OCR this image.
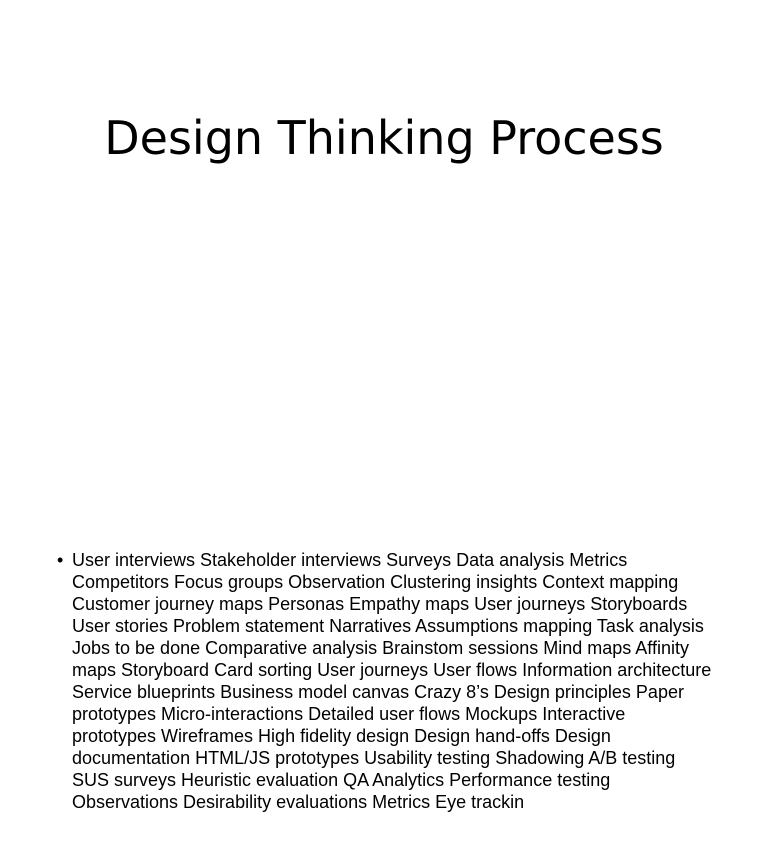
Design Thinking Process
• User interviews Stakeholder interviews Surveys Data analysis Metrics Competitors Focus groups Observation Clustering insights Context mapping Customer journey maps Personas Empathy maps User journeys Storyboards User stories Problem statement Narratives Assumptions mapping Task analysis Jobs to be done Comparative analysis Brainstom sessions Mind maps Affinity maps Storyboard Card sorting User journeys User flows Information architecture Service blueprints Business model canvas Crazy 8’s Design principles Paper prototypes Micro-interactions Detailed user flows Mockups Interactive prototypes Wireframes High fidelity design Design hand-offs Design documentation HTML/JS prototypes Usability testing Shadowing A/B testing SUS surveys Heuristic evaluation QA Analytics Performance testing Observations Desirability evaluations Metrics Eye trackin
